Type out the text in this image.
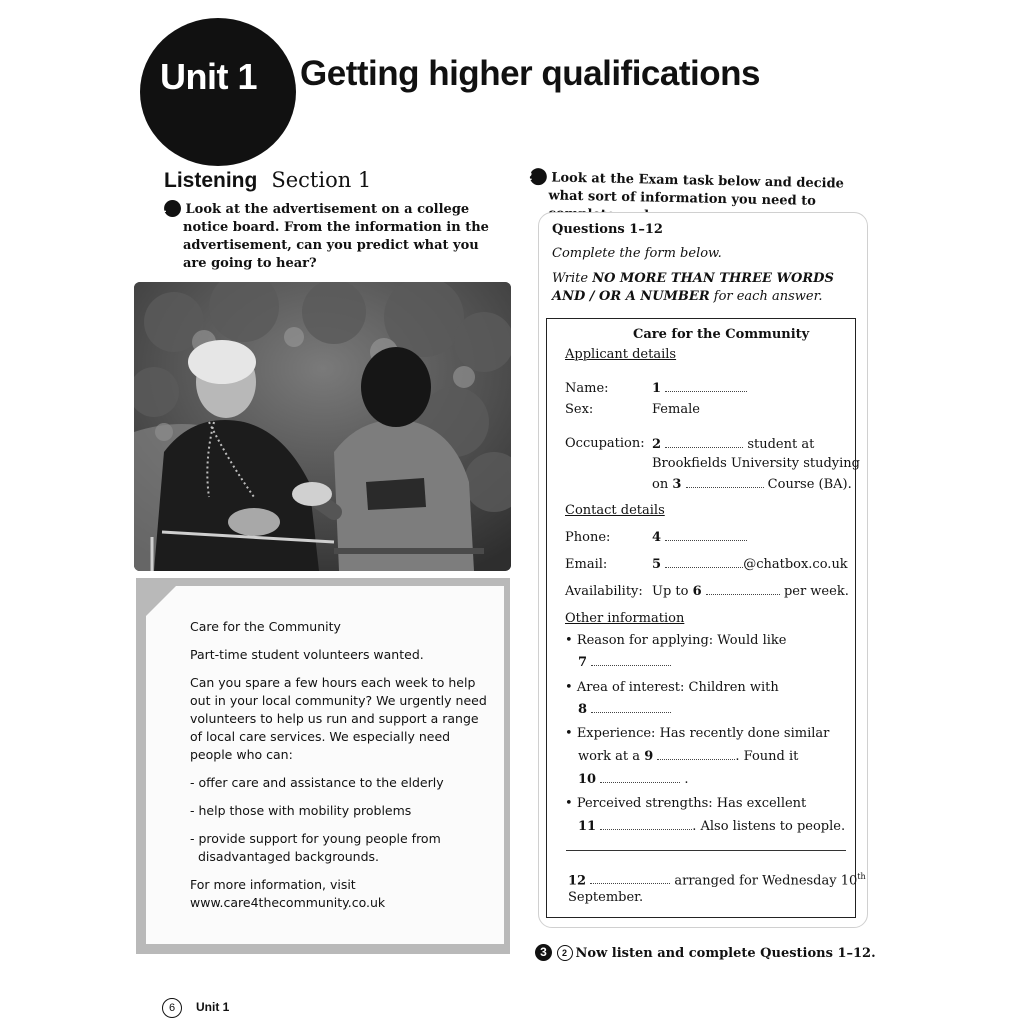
Unit 1 Getting higher qualifications
Listening Section 1
1 Look at the advertisement on a college notice board. From the information in the advertisement, can you predict what you are going to hear?

Care for the Community

Part-time student volunteers wanted.

Can you spare a few hours each week to help out in your local community? We urgently need volunteers to help us run and support a range of local care services. We especially need people who can:

- offer care and assistance to the elderly

- help those with mobility problems

- provide support for young people from disadvantaged backgrounds.

For more information, visit

www.care4thecommunity.co.uk

2 Look at the Exam task below and decide what sort of information you need to
Questions 1–12
Complete the form below.
Write NO MORE THAN THREE WORDS AND / OR A NUMBER for each answer.
Care for the Community
Applicant details
Name:	1
Sex:	Female
Occupation: 2	student at
Brookfields University studying
on 3	Course (BA).
Contact details
Phone:	4
Email:	5	@chatbox.co.uk
Availability: Up to 6	per week.
Other information
• Reason for applying: Would like
7
• Area of interest: Children with
8
• Experience: Has recently done similar
work at a 9	. Found it
10	.
• Perceived strengths: Has excellent
11	. Also listens to people.
12	arranged for Wednesday 10th
September.
3 2 Now listen and complete Questions 1–12.
6	Unit 1
